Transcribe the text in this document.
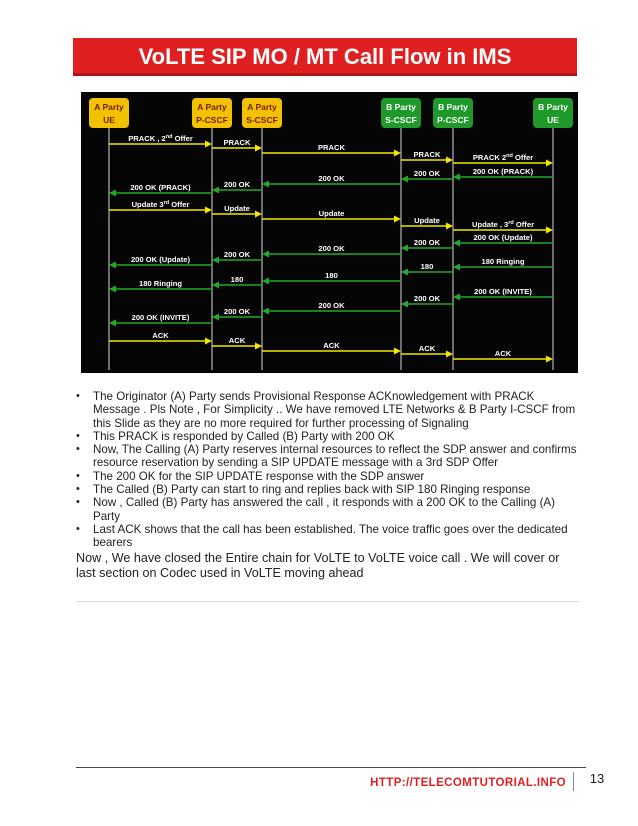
VoLTE SIP MO / MT Call Flow in IMS
A Party
UE
A Party
P-CSCF
A Party
S-CSCF
B Party
S-CSCF
B Party
P-CSCF
B Party
UE
PRACK , 2nd Offer	PRACK
PRACK
PRACK	PRACK 2nd Offer
200 OK (PRACK)
200 OK
200 OK
200 OK
200 OK (PRACK)
Update 3rd Offer	Update
Update
Update	Update , 3rd Offer
200 OK (Update)
200 OK
200 OK
200 OK
200 OK (Update)	180 Ringing
180
180
180
180 Ringing
200 OK (INVITE)
200 OK
200 OK
200 OK
200 OK (INVITE)
ACK
ACK
ACK	ACK
ACK
• The Originator (A) Party sends Provisional Response ACKnowledgement with PRACK Message . Pls Note , For Simplicity .. We have removed LTE Networks & B Party I-CSCF from this Slide as they are no more required for further processing of Signaling
• This PRACK is responded by Called (B) Party with 200 OK
• Now, The Calling (A) Party reserves internal resources to reflect the SDP answer and confirms resource reservation by sending a SIP UPDATE message with a 3rd SDP Offer
• The 200 OK for the SIP UPDATE response with the SDP answer
• The Called (B) Party can start to ring and replies back with SIP 180 Ringing response
• Now , Called (B) Party has answered the call , it responds with a 200 OK to the Calling (A) Party
• Last ACK shows that the call has been established. The voice traffic goes over the dedicated bearers

Now , We have closed the Entire chain for VoLTE to VoLTE voice call . We will cover or last section on Codec used in VoLTE moving ahead

HTTP://TELECOMTUTORIAL.INFO	13
